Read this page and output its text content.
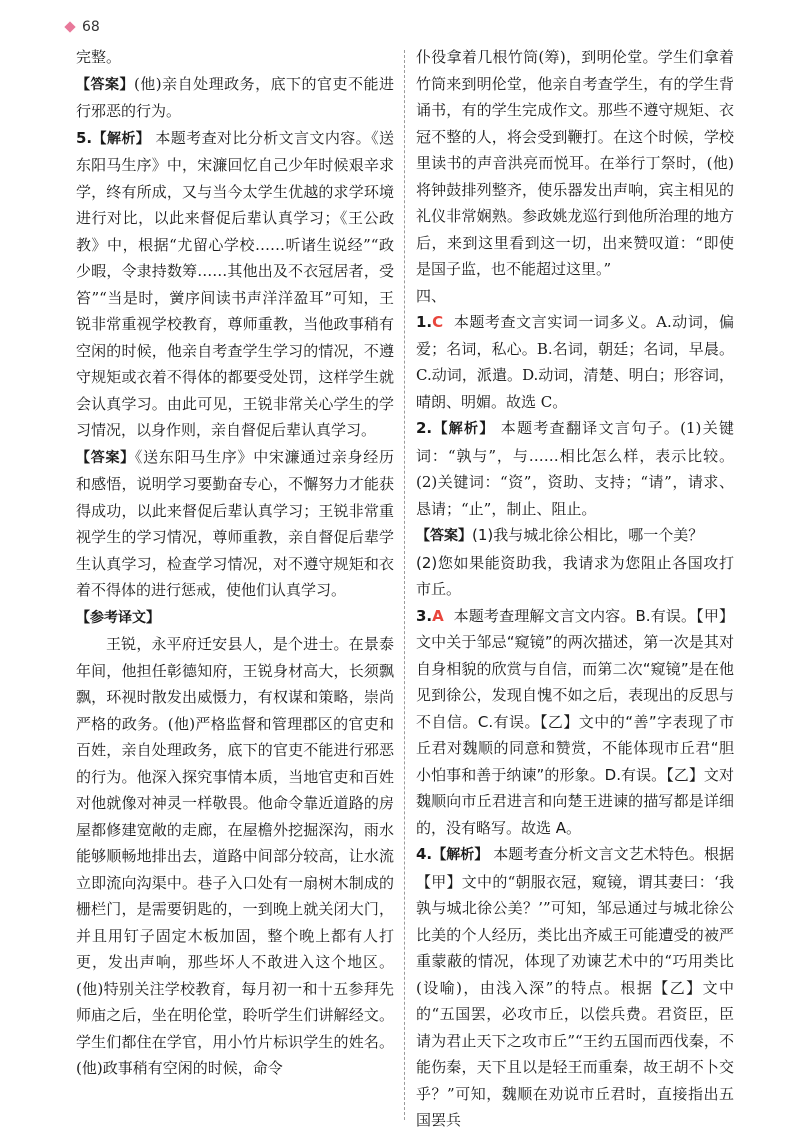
68

完整。

【答案】(他)亲自处理政务，底下的官吏不能进行邪恶的行为。

5.【解析】 本题考查对比分析文言文内容。《送东阳马生序》中，宋濂回忆自己少年时候艰辛求学，终有所成，又与当今太学生优越的求学环境进行对比，以此来督促后辈认真学习；《王公政教》中，根据“尤留心学校……听诸生说经”“政少暇，令隶持数筹……其他出及不衣冠居者，受笞”“当是时，黉序间读书声洋洋盈耳”可知，王锐非常重视学校教育，尊师重教，当他政事稍有空闲的时候，他亲自考查学生学习的情况，不遵守规矩或衣着不得体的都要受处罚，这样学生就会认真学习。由此可见，王锐非常关心学生的学习情况，以身作则，亲自督促后辈认真学习。

【答案】《送东阳马生序》中宋濂通过亲身经历和感悟，说明学习要勤奋专心，不懈努力才能获得成功，以此来督促后辈认真学习；王锐非常重视学生的学习情况，尊师重教，亲自督促后辈学生认真学习，检查学习情况，对不遵守规矩和衣着不得体的进行惩戒，使他们认真学习。

【参考译文】

王锐，永平府迁安县人，是个进士。在景泰年间，他担任彰德知府，王锐身材高大，长须飘飘，环视时散发出威慑力，有权谋和策略，崇尚严格的政务。(他)严格监督和管理郡区的官吏和百姓，亲自处理政务，底下的官吏不能进行邪恶的行为。他深入探究事情本质，当地官吏和百姓对他就像对神灵一样敬畏。他命令靠近道路的房屋都修建宽敞的走廊，在屋檐外挖掘深沟，雨水能够顺畅地排出去，道路中间部分较高，让水流立即流向沟渠中。巷子入口处有一扇树木制成的栅栏门，是需要钥匙的，一到晚上就关闭大门，并且用钉子固定木板加固，整个晚上都有人打更，发出声响，那些坏人不敢进入这个地区。(他)特别关注学校教育，每月初一和十五参拜先师庙之后，坐在明伦堂，聆听学生们讲解经文。学生们都住在学官，用小竹片标识学生的姓名。(他)政事稍有空闲的时候，命令

仆役拿着几根竹筒(筹)，到明伦堂。学生们拿着竹筒来到明伦堂，他亲自考查学生，有的学生背诵书，有的学生完成作文。那些不遵守规矩、衣冠不整的人，将会受到鞭打。在这个时候，学校里读书的声音洪亮而悦耳。在举行丁祭时，(他)将钟鼓排列整齐，使乐器发出声响，宾主相见的礼仪非常娴熟。参政姚龙巡行到他所治理的地方后，来到这里看到这一切，出来赞叹道：“即使是国子监，也不能超过这里。”

四、

1.C 本题考查文言实词一词多义。A.动词，偏爱；名词，私心。B.名词，朝廷；名词，早晨。C.动词，派遣。D.动词，清楚、明白；形容词，晴朗、明媚。故选 C。

2.【解析】 本题考查翻译文言句子。(1)关键词：“孰与”，与……相比怎么样，表示比较。(2)关键词：“资”，资助、支持；“请”，请求、恳请；“止”，制止、阻止。

【答案】(1)我与城北徐公相比，哪一个美？

(2)您如果能资助我，我请求为您阻止各国攻打市丘。

3.A 本题考查理解文言文内容。B.有误。【甲】文中关于邹忌“窥镜”的两次描述，第一次是其对自身相貌的欣赏与自信，而第二次“窥镜”是在他见到徐公，发现自愧不如之后，表现出的反思与不自信。C.有误。【乙】文中的“善”字表现了市丘君对魏顺的同意和赞赏，不能体现市丘君“胆小怕事和善于纳谏”的形象。D.有误。【乙】文对魏顺向市丘君进言和向楚王进谏的描写都是详细的，没有略写。故选 A。

4.【解析】 本题考查分析文言文艺术特色。根据【甲】文中的“朝服衣冠，窥镜，谓其妻曰：‘我孰与城北徐公美？’”可知，邹忌通过与城北徐公比美的个人经历，类比出齐威王可能遭受的被严重蒙蔽的情况，体现了劝谏艺术中的“巧用类比(设喻)，由浅入深”的特点。根据【乙】文中的“五国罢，必攻市丘，以偿兵费。君资臣，臣请为君止天下之攻市丘”“王约五国而西伐秦，不能伤秦，天下且以是轻王而重秦，故王胡不卜交乎？”可知，魏顺在劝说市丘君时，直接指出五国罢兵
